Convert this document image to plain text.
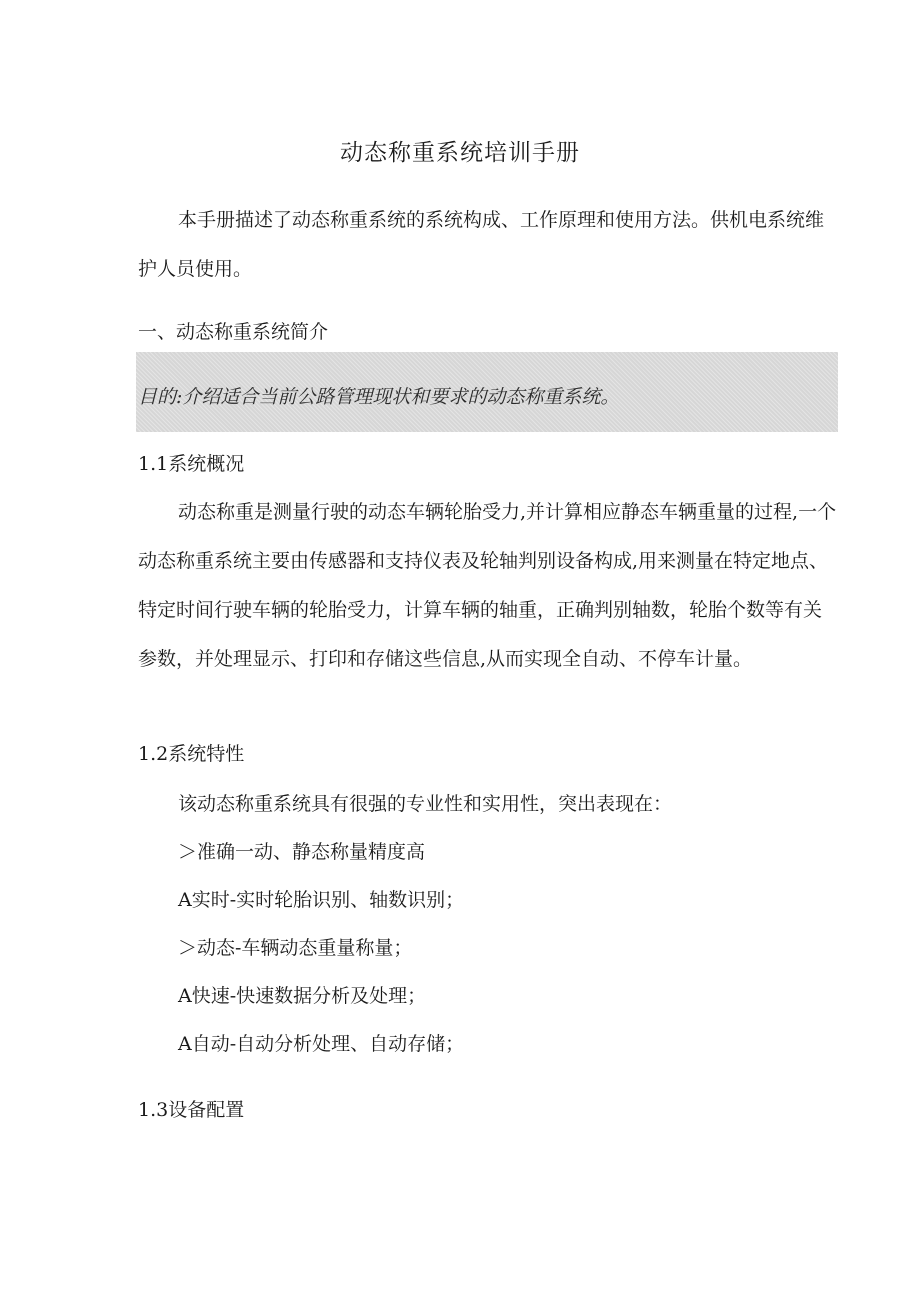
动态称重系统培训手册
本手册描述了动态称重系统的系统构成、工作原理和使用方法。供机电系统维护人员使用。
一、动态称重系统简介
目的:介绍适合当前公路管理现状和要求的动态称重系统。
1.1系统概况
动态称重是测量行驶的动态车辆轮胎受力,并计算相应静态车辆重量的过程,一个动态称重系统主要由传感器和支持仪表及轮轴判别设备构成,用来测量在特定地点、特定时间行驶车辆的轮胎受力，计算车辆的轴重，正确判别轴数，轮胎个数等有关参数，并处理显示、打印和存储这些信息,从而实现全自动、不停车计量。
1.2系统特性
该动态称重系统具有很强的专业性和实用性，突出表现在：
＞准确一动、静态称量精度高
A实时-实时轮胎识别、轴数识别；
＞动态-车辆动态重量称量；
A快速-快速数据分析及处理；
A自动-自动分析处理、自动存储；
1.3设备配置
